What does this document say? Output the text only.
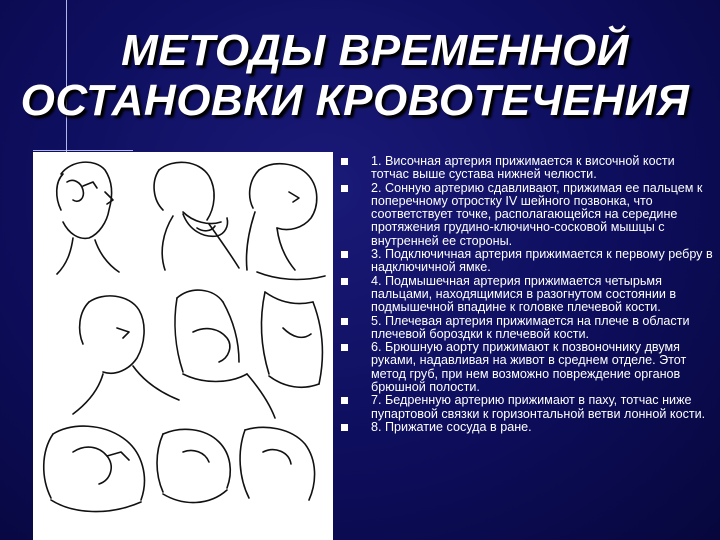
МЕТОДЫ ВРЕМЕННОЙ
ОСТАНОВКИ КРОВОТЕЧЕНИЯ
1. Височная артерия прижимается к височной кости тотчас выше сустава нижней челюсти.
2. Сонную артерию сдавливают, прижимая ее пальцем к поперечному отростку IV шейного позвонка, что соответствует точке, располагающейся на середине протяжения грудино-ключично-сосковой мышцы с внутренней ее стороны.
3. Подключичная артерия прижимается к первому ребру в надключичной ямке.
4. Подмышечная артерия прижимается четырьмя пальцами, находящимися в разогнутом состоянии в подмышечной впадине к головке плечевой кости.
5. Плечевая артерия прижимается на плече в области плечевой бороздки к плечевой кости.
6. Брюшную аорту прижимают к позвоночнику двумя руками, надавливая на живот в среднем отделе. Этот метод груб, при нем возможно повреждение органов брюшной полости.
7. Бедренную артерию прижимают в паху, тотчас ниже пупартовой связки к горизонтальной ветви лонной кости.
8. Прижатие сосуда в ране.
